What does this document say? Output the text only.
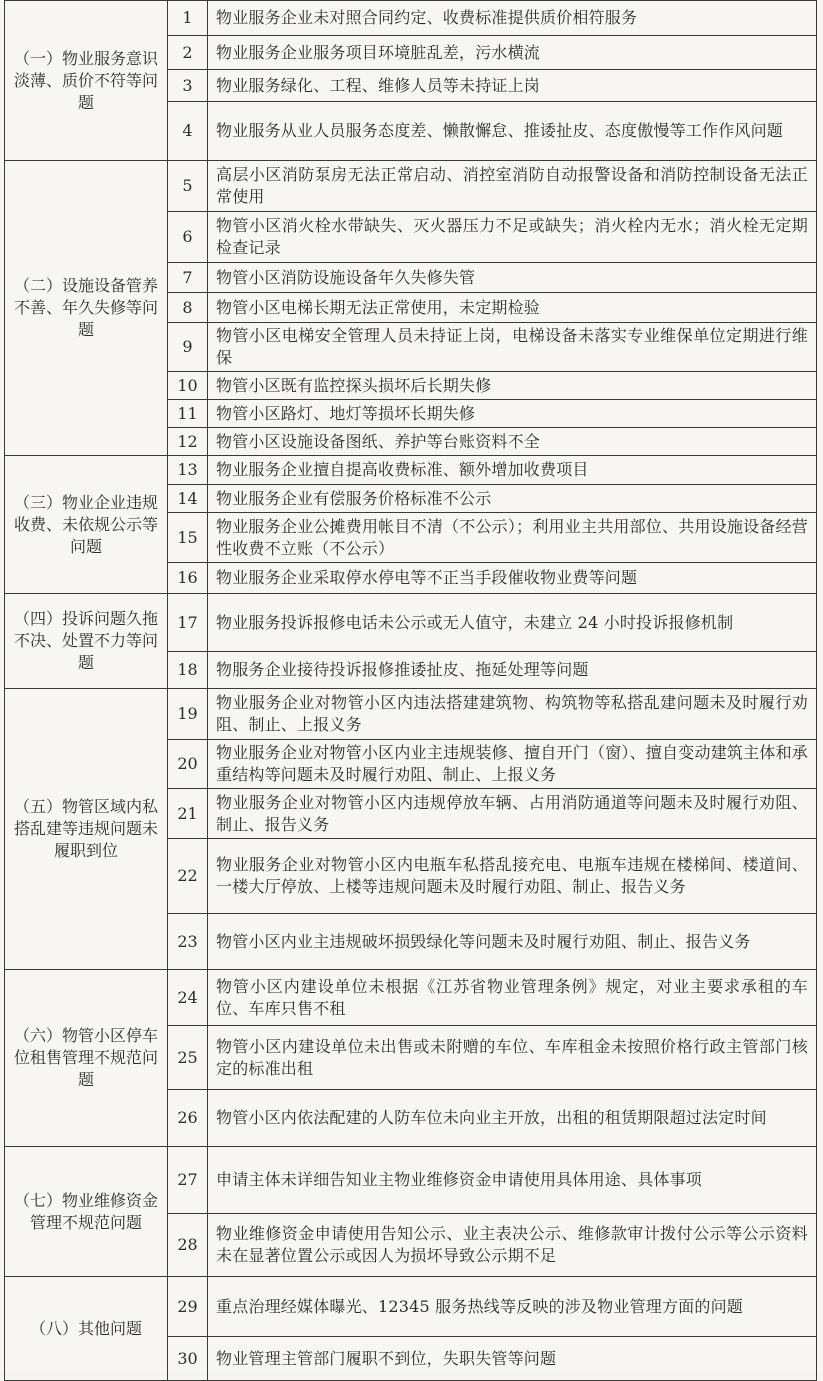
（一）物业服务意识淡薄、质价不符等问题	1	物业服务企业未对照合同约定、收费标准提供质价相符服务
	2	物业服务企业服务项目环境脏乱差，污水横流
	3	物业服务绿化、工程、维修人员等未持证上岗
	4	物业服务从业人员服务态度差、懒散懈怠、推诿扯皮、态度傲慢等工作作风问题
（二）设施设备管养不善、年久失修等问题	5	高层小区消防泵房无法正常启动、消控室消防自动报警设备和消防控制设备无法正常使用
	6	物管小区消火栓水带缺失、灭火器压力不足或缺失；消火栓内无水；消火栓无定期检查记录
	7	物管小区消防设施设备年久失修失管
	8	物管小区电梯长期无法正常使用，未定期检验
	9	物管小区电梯安全管理人员未持证上岗，电梯设备未落实专业维保单位定期进行维保
	10	物管小区既有监控探头损坏后长期失修
	11	物管小区路灯、地灯等损坏长期失修
	12	物管小区设施设备图纸、养护等台账资料不全
（三）物业企业违规收费、未依规公示等问题	13	物业服务企业擅自提高收费标准、额外增加收费项目
	14	物业服务企业有偿服务价格标准不公示
	15	物业服务企业公摊费用帐目不清（不公示）；利用业主共用部位、共用设施设备经营性收费不立账（不公示）
	16	物业服务企业采取停水停电等不正当手段催收物业费等问题
（四）投诉问题久拖不决、处置不力等问题	17	物业服务投诉报修电话未公示或无人值守，未建立 24 小时投诉报修机制
	18	物服务企业接待投诉报修推诿扯皮、拖延处理等问题
（五）物管区域内私搭乱建等违规问题未履职到位	19	物业服务企业对物管小区内违法搭建建筑物、构筑物等私搭乱建问题未及时履行劝阻、制止、上报义务
	20	物业服务企业对物管小区内业主违规装修、擅自开门（窗）、擅自变动建筑主体和承重结构等问题未及时履行劝阻、制止、上报义务
	21	物业服务企业对物管小区内违规停放车辆、占用消防通道等问题未及时履行劝阻、制止、报告义务
	22	物业服务企业对物管小区内电瓶车私搭乱接充电、电瓶车违规在楼梯间、楼道间、一楼大厅停放、上楼等违规问题未及时履行劝阻、制止、报告义务
	23	物管小区内业主违规破坏损毁绿化等问题未及时履行劝阻、制止、报告义务
（六）物管小区停车位租售管理不规范问题	24	物管小区内建设单位未根据《江苏省物业管理条例》规定，对业主要求承租的车位、车库只售不租
	25	物管小区内建设单位未出售或未附赠的车位、车库租金未按照价格行政主管部门核定的标准出租
	26	物管小区内依法配建的人防车位未向业主开放，出租的租赁期限超过法定时间
（七）物业维修资金管理不规范问题	27	申请主体未详细告知业主物业维修资金申请使用具体用途、具体事项
	28	物业维修资金申请使用告知公示、业主表决公示、维修款审计拨付公示等公示资料未在显著位置公示或因人为损坏导致公示期不足
（八）其他问题	29	重点治理经媒体曝光、12345 服务热线等反映的涉及物业管理方面的问题
	30	物业管理主管部门履职不到位，失职失管等问题
